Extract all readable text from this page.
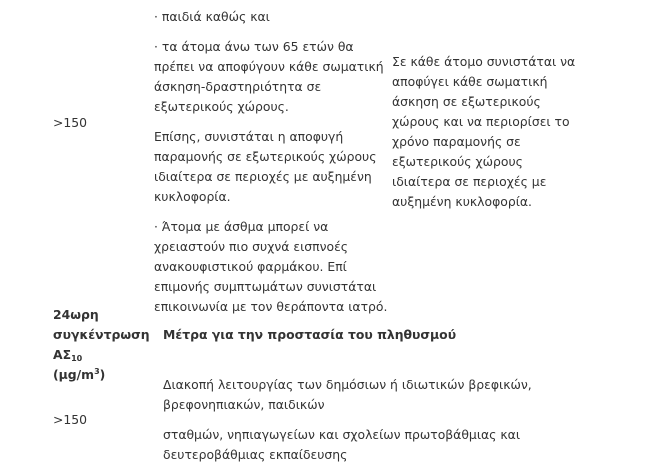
>150

· παιδιά καθώς και

· τα άτομα άνω των 65 ετών θα πρέπει να αποφύγουν κάθε σωματική άσκηση-δραστηριότητα σε εξωτερικούς χώρους.

Επίσης, συνιστάται η αποφυγή παραμονής σε εξωτερικούς χώρους ιδιαίτερα σε περιοχές με αυξημένη κυκλοφορία.

· Άτομα με άσθμα μπορεί να χρειαστούν πιο συχνά εισπνοές ανακουφιστικού φαρμάκου. Επί επιμονής συμπτωμάτων συνιστάται επικοινωνία με τον θεράποντα ιατρό.

Σε κάθε άτομο συνιστάται να αποφύγει κάθε σωματική άσκηση σε εξωτερικούς χώρους και να περιορίσει το χρόνο παραμονής σε εξωτερικούς χώρους ιδιαίτερα σε περιοχές με αυξημένη κυκλοφορία.

24ωρη
συγκέντρωση $A\Sigma_{10}$
$(\mu g/m^3)$
Μέτρα για την προστασία του πληθυσμού
>150

Διακοπή λειτουργίας των δημόσιων ή ιδιωτικών βρεφικών, βρεφονηπιακών, παιδικών

σταθμών, νηπιαγωγείων και σχολείων πρωτοβάθμιας και δευτεροβάθμιας εκπαίδευσης
